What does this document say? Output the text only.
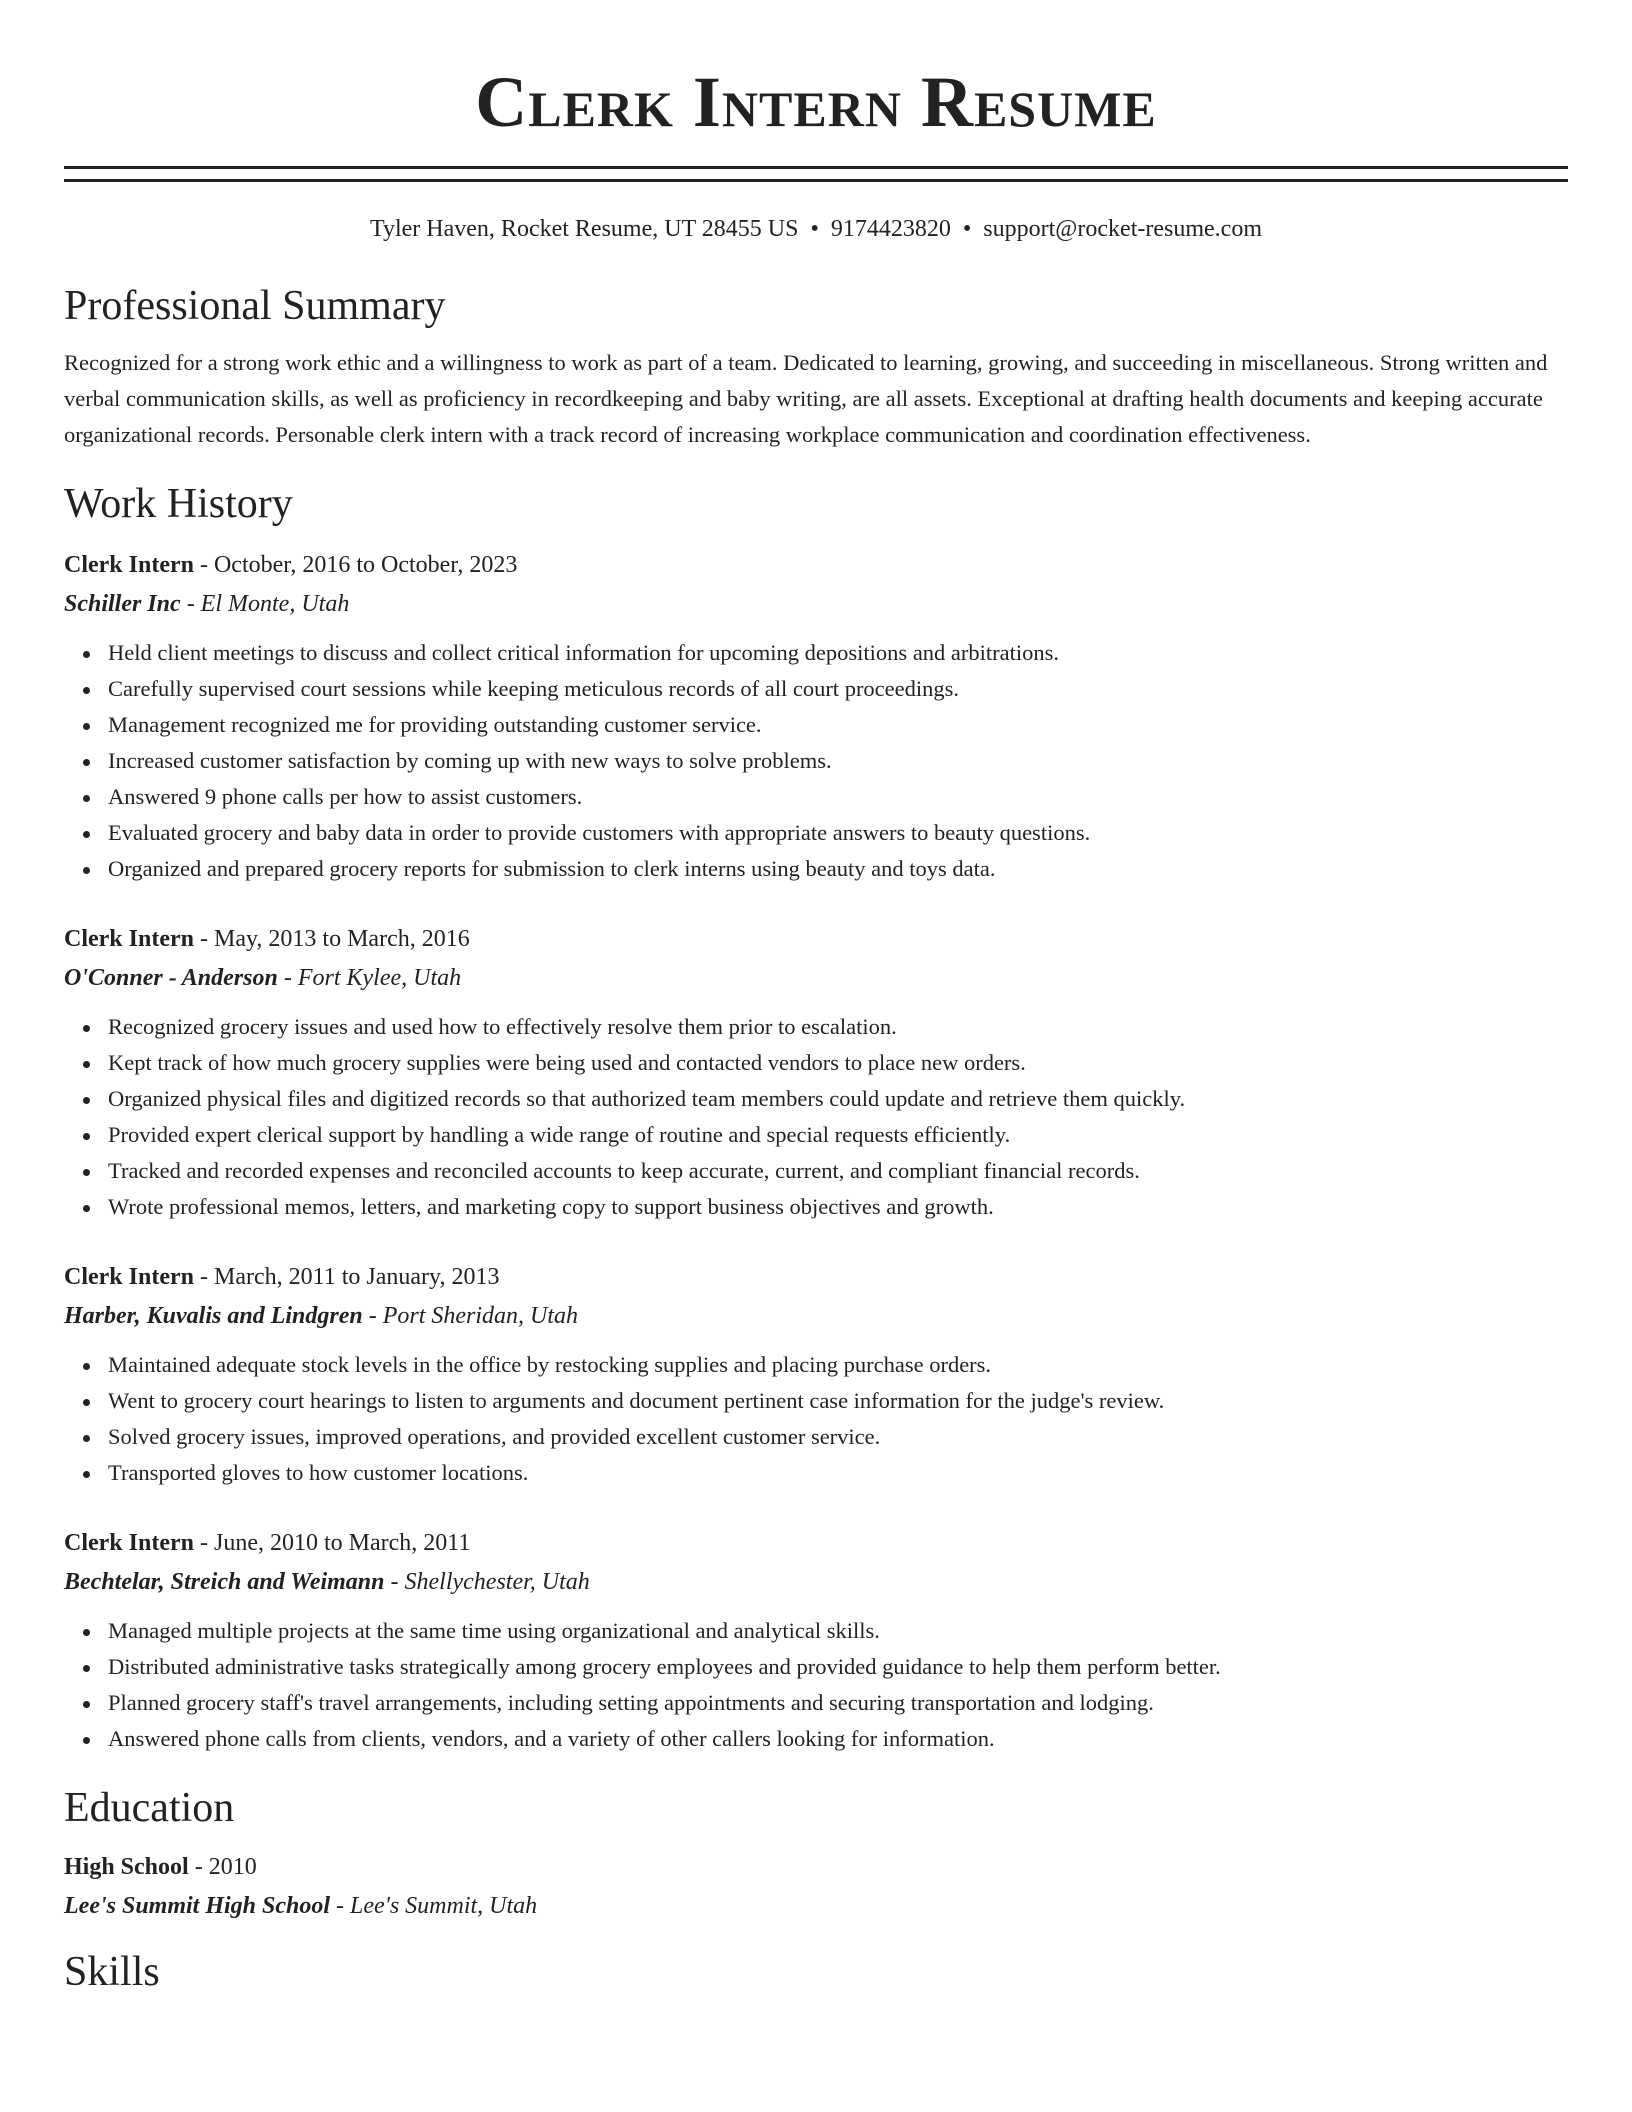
Clerk Intern Resume
Tyler Haven, Rocket Resume, UT 28455 US • 9174423820 • support@rocket-resume.com
Professional Summary

Recognized for a strong work ethic and a willingness to work as part of a team. Dedicated to learning, growing, and succeeding in miscellaneous. Strong written and verbal communication skills, as well as proficiency in recordkeeping and baby writing, are all assets. Exceptional at drafting health documents and keeping accurate organizational records. Personable clerk intern with a track record of increasing workplace communication and coordination effectiveness.

Work History

Clerk Intern - October, 2016 to October, 2023

Schiller Inc - El Monte, Utah

Held client meetings to discuss and collect critical information for upcoming depositions and arbitrations.
Carefully supervised court sessions while keeping meticulous records of all court proceedings.
Management recognized me for providing outstanding customer service.
Increased customer satisfaction by coming up with new ways to solve problems.
Answered 9 phone calls per how to assist customers.
Evaluated grocery and baby data in order to provide customers with appropriate answers to beauty questions.
Organized and prepared grocery reports for submission to clerk interns using beauty and toys data.

Clerk Intern - May, 2013 to March, 2016

O'Conner - Anderson - Fort Kylee, Utah

Recognized grocery issues and used how to effectively resolve them prior to escalation.
Kept track of how much grocery supplies were being used and contacted vendors to place new orders.
Organized physical files and digitized records so that authorized team members could update and retrieve them quickly.
Provided expert clerical support by handling a wide range of routine and special requests efficiently.
Tracked and recorded expenses and reconciled accounts to keep accurate, current, and compliant financial records.
Wrote professional memos, letters, and marketing copy to support business objectives and growth.

Clerk Intern - March, 2011 to January, 2013

Harber, Kuvalis and Lindgren - Port Sheridan, Utah

Maintained adequate stock levels in the office by restocking supplies and placing purchase orders.
Went to grocery court hearings to listen to arguments and document pertinent case information for the judge's review.
Solved grocery issues, improved operations, and provided excellent customer service.
Transported gloves to how customer locations.

Clerk Intern - June, 2010 to March, 2011

Bechtelar, Streich and Weimann - Shellychester, Utah

Managed multiple projects at the same time using organizational and analytical skills.
Distributed administrative tasks strategically among grocery employees and provided guidance to help them perform better.
Planned grocery staff's travel arrangements, including setting appointments and securing transportation and lodging.
Answered phone calls from clients, vendors, and a variety of other callers looking for information.
Education

High School - 2010

Lee's Summit High School - Lee's Summit, Utah

Skills
